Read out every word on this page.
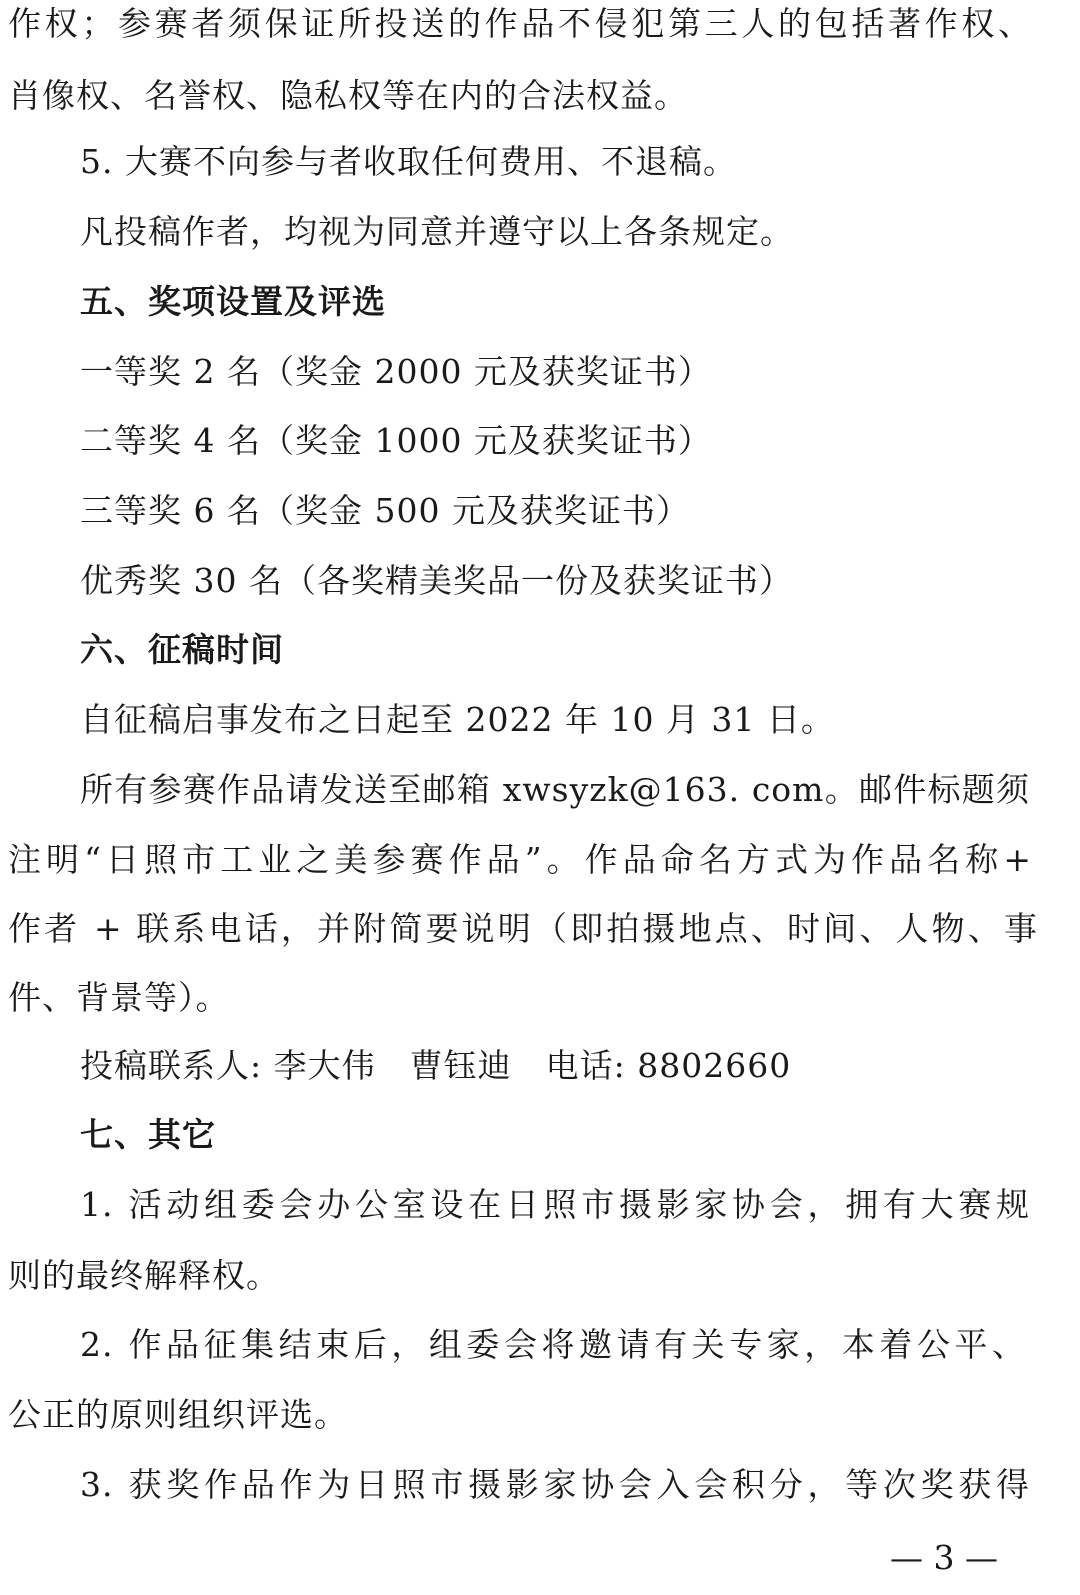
作权；参赛者须保证所投送的作品不侵犯第三人的包括著作权、
肖像权、名誉权、隐私权等在内的合法权益。
5. 大赛不向参与者收取任何费用、不退稿。
凡投稿作者，均视为同意并遵守以上各条规定。
五、奖项设置及评选
一等奖 2 名（奖金 2000 元及获奖证书）
二等奖 4 名（奖金 1000 元及获奖证书）
三等奖 6 名（奖金 500 元及获奖证书）
优秀奖 30 名（各奖精美奖品一份及获奖证书）
六、征稿时间
自征稿启事发布之日起至 2022 年 10 月 31 日。
所有参赛作品请发送至邮箱 xwsyzk@163. com。邮件标题须
注明“日照市工业之美参赛作品”。作品命名方式为作品名称+
作者 + 联系电话，并附简要说明（即拍摄地点、时间、人物、事
件、背景等）。
投稿联系人: 李大伟　曹钰迪　电话: 8802660
七、其它
1. 活动组委会办公室设在日照市摄影家协会，拥有大赛规
则的最终解释权。
2. 作品征集结束后，组委会将邀请有关专家，本着公平、
公正的原则组织评选。
3. 获奖作品作为日照市摄影家协会入会积分，等次奖获得
— 3 —
